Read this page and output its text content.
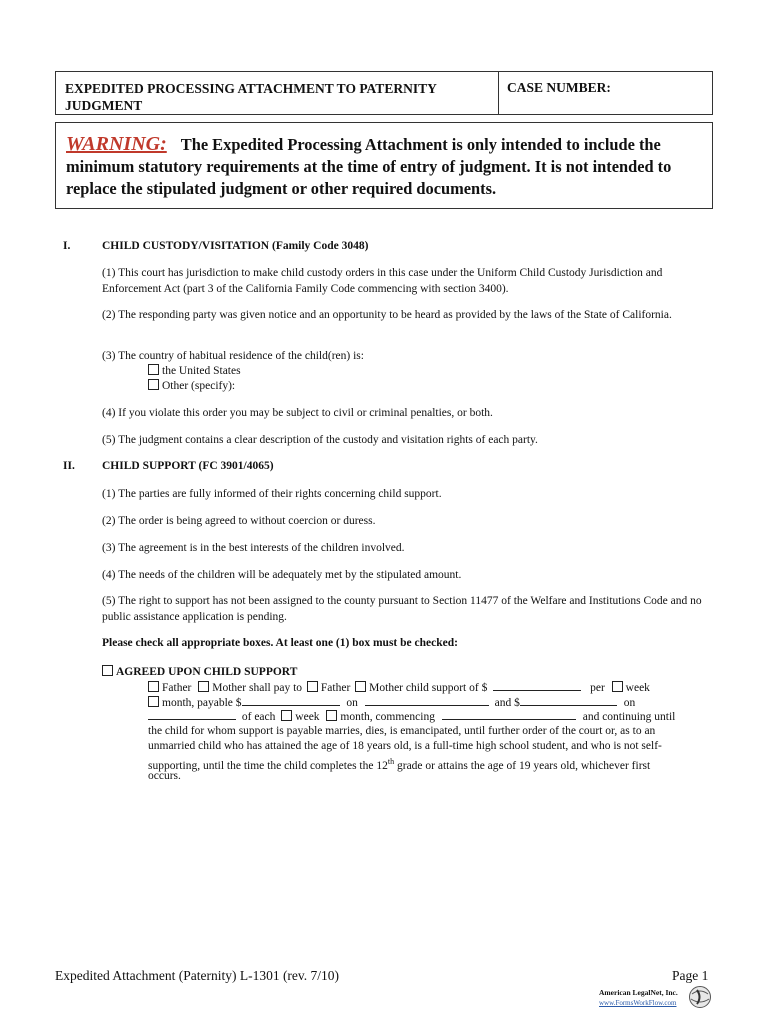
EXPEDITED PROCESSING ATTACHMENT TO PATERNITY JUDGMENT
CASE NUMBER:
WARNING: The Expedited Processing Attachment is only intended to include the minimum statutory requirements at the time of entry of judgment. It is not intended to replace the stipulated judgment or other required documents.
I.	CHILD CUSTODY/VISITATION (Family Code 3048)
(1) This court has jurisdiction to make child custody orders in this case under the Uniform Child Custody Jurisdiction and Enforcement Act (part 3 of the California Family Code commencing with section 3400).
(2) The responding party was given notice and an opportunity to be heard as provided by the laws of the State of California.
(3) The country of habitual residence of the child(ren) is:
the United States
Other (specify):
(4) If you violate this order you may be subject to civil or criminal penalties, or both.
(5) The judgment contains a clear description of the custody and visitation rights of each party.
II. CHILD SUPPORT (FC 3901/4065)
(1) The parties are fully informed of their rights concerning child support.
(2) The order is being agreed to without coercion or duress.
(3) The agreement is in the best interests of the children involved.
(4) The needs of the children will be adequately met by the stipulated amount.
(5) The right to support has not been assigned to the county pursuant to Section 11477 of the Welfare and Institutions Code and no public assistance application is pending.
Please check all appropriate boxes. At least one (1) box must be checked:
AGREED UPON CHILD SUPPORT
Father Mother shall pay to Father Mother child support of $	per week
month, payable $	on	and $	on
of each week month, commencing	and continuing until
the child for whom support is payable marries, dies, is emancipated, until further order of the court or, as to an
unmarried child who has attained the age of 18 years old, is a full-time high school student, and who is not self-
supporting, until the time the child completes the 12th grade or attains the age of 19 years old, whichever first
occurs.
Expedited Attachment (Paternity) L-1301 (rev. 7/10)	Page 1
American LegalNet, Inc.
www.FormsWorkFlow.com
